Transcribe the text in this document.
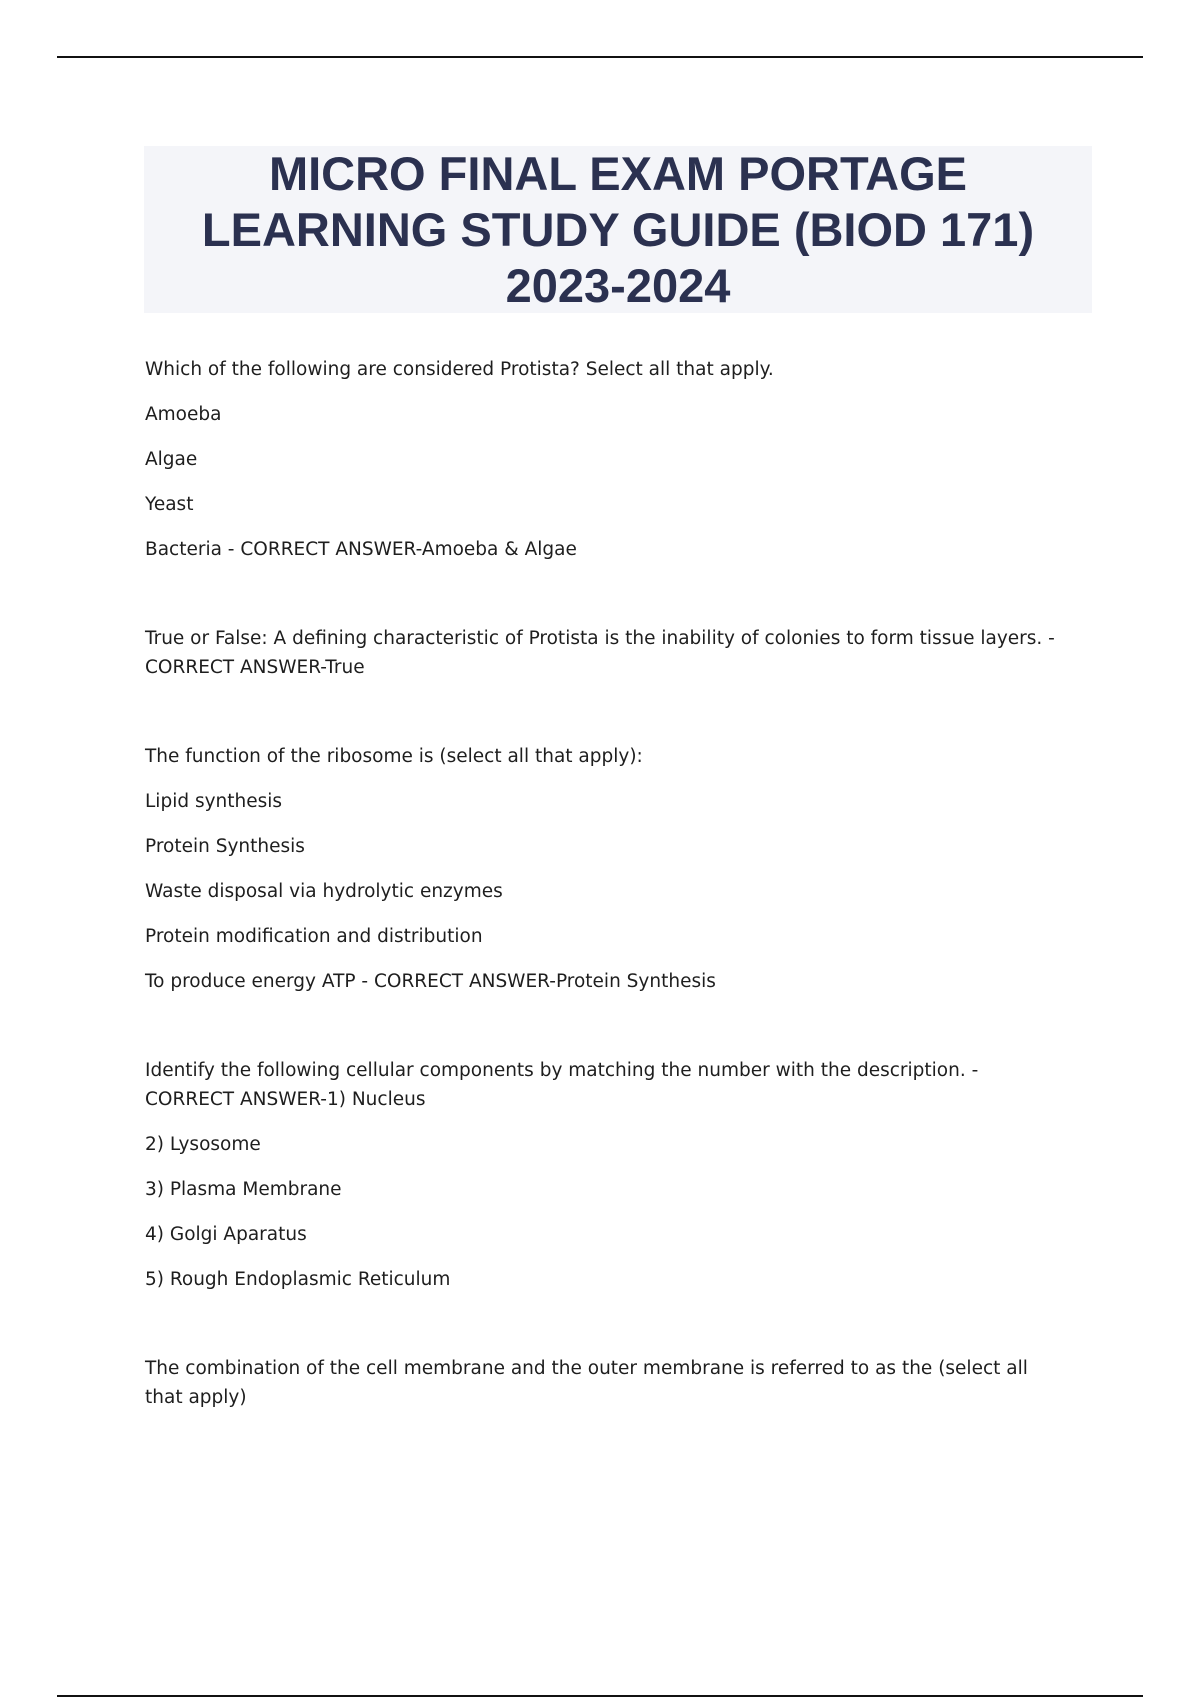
MICRO FINAL EXAM PORTAGE
LEARNING STUDY GUIDE (BIOD 171)
2023-2024

Which of the following are considered Protista? Select all that apply.

Amoeba

Algae

Yeast

Bacteria - CORRECT ANSWER-Amoeba & Algae

True or False: A defining characteristic of Protista is the inability of colonies to form tissue layers. - CORRECT ANSWER-True

The function of the ribosome is (select all that apply):

Lipid synthesis

Protein Synthesis

Waste disposal via hydrolytic enzymes

Protein modification and distribution

To produce energy ATP - CORRECT ANSWER-Protein Synthesis

Identify the following cellular components by matching the number with the description. - CORRECT ANSWER-1) Nucleus

2) Lysosome

3) Plasma Membrane

4) Golgi Aparatus

5) Rough Endoplasmic Reticulum

The combination of the cell membrane and the outer membrane is referred to as the (select all that apply)
